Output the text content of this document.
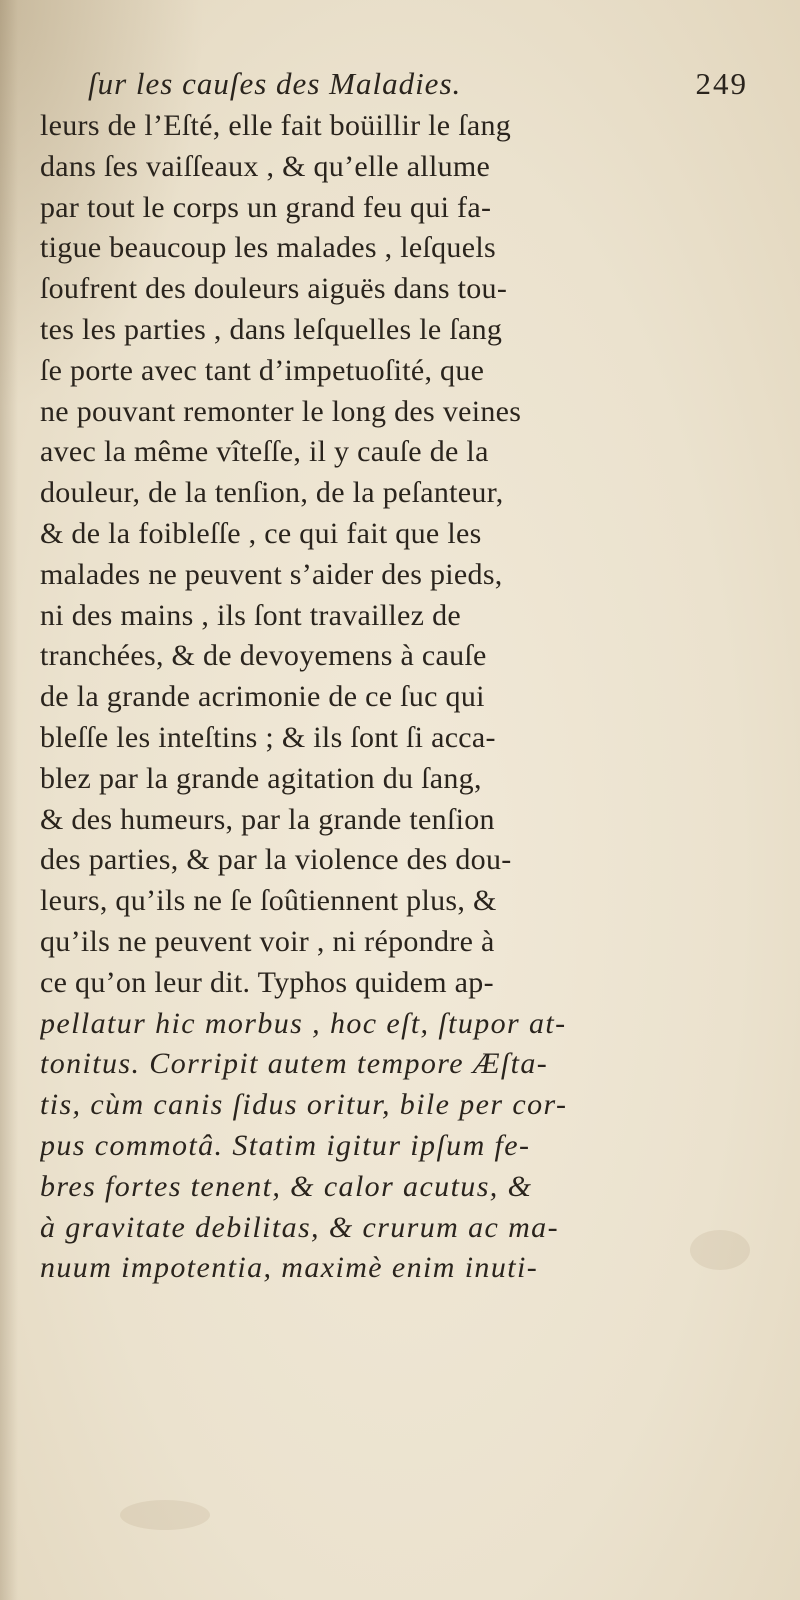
ſur les cauſes des Maladies.	249
leurs de l’Eſté, elle fait boüillir le ſang
dans ſes vaiſſeaux , & qu’elle allume
par tout le corps un grand feu qui fa-
tigue beaucoup les malades , leſquels
ſoufrent des douleurs aiguës dans tou-
tes les parties , dans leſquelles le ſang
ſe porte avec tant d’impetuoſité, que
ne pouvant remonter le long des veines
avec la même vîteſſe, il y cauſe de la
douleur, de la tenſion, de la peſanteur,
& de la foibleſſe , ce qui fait que les
malades ne peuvent s’aider des pieds,
ni des mains , ils ſont travaillez de
tranchées, & de devoyemens à cauſe
de la grande acrimonie de ce ſuc qui
bleſſe les inteſtins ; & ils ſont ſi acca-
blez par la grande agitation du ſang,
& des humeurs, par la grande tenſion
des parties, & par la violence des dou-
leurs, qu’ils ne ſe ſoûtiennent plus, &
qu’ils ne peuvent voir , ni répondre à
ce qu’on leur dit. Typhos quidem ap-
pellatur hic morbus , hoc eſt, ſtupor at-
tonitus. Corripit autem tempore Æſta-
tis, cùm canis ſidus oritur, bile per cor-
pus commotâ. Statim igitur ipſum fe-
bres fortes tenent, & calor acutus, &
à gravitate debilitas, & crurum ac ma-
nuum impotentia, maximè enim inuti-
